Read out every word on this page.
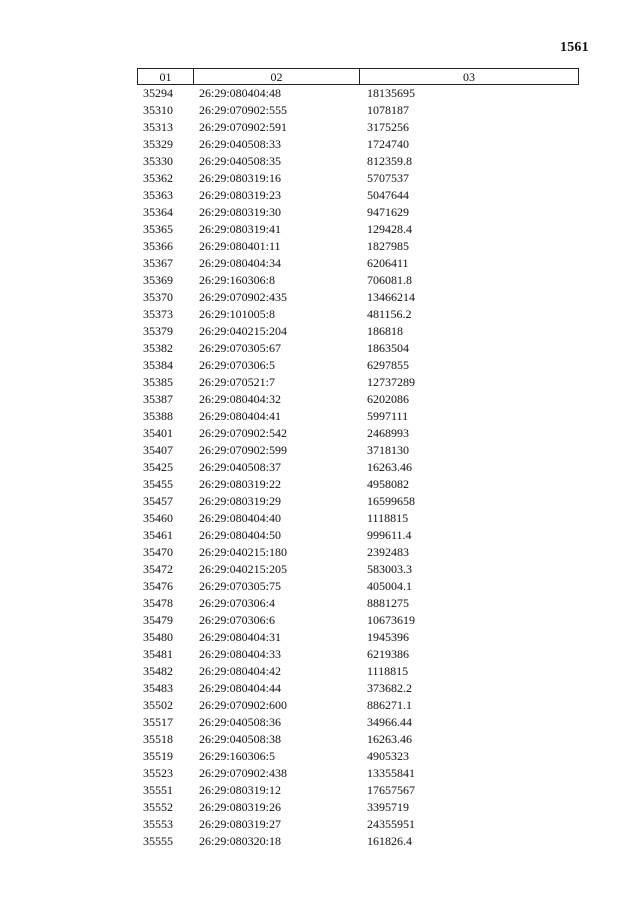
1561
01	02	03
35294	26:29:080404:48	18135695
35310	26:29:070902:555	1078187
35313	26:29:070902:591	3175256
35329	26:29:040508:33	1724740
35330	26:29:040508:35	812359.8
35362	26:29:080319:16	5707537
35363	26:29:080319:23	5047644
35364	26:29:080319:30	9471629
35365	26:29:080319:41	129428.4
35366	26:29:080401:11	1827985
35367	26:29:080404:34	6206411
35369	26:29:160306:8	706081.8
35370	26:29:070902:435	13466214
35373	26:29:101005:8	481156.2
35379	26:29:040215:204	186818
35382	26:29:070305:67	1863504
35384	26:29:070306:5	6297855
35385	26:29:070521:7	12737289
35387	26:29:080404:32	6202086
35388	26:29:080404:41	5997111
35401	26:29:070902:542	2468993
35407	26:29:070902:599	3718130
35425	26:29:040508:37	16263.46
35455	26:29:080319:22	4958082
35457	26:29:080319:29	16599658
35460	26:29:080404:40	1118815
35461	26:29:080404:50	999611.4
35470	26:29:040215:180	2392483
35472	26:29:040215:205	583003.3
35476	26:29:070305:75	405004.1
35478	26:29:070306:4	8881275
35479	26:29:070306:6	10673619
35480	26:29:080404:31	1945396
35481	26:29:080404:33	6219386
35482	26:29:080404:42	1118815
35483	26:29:080404:44	373682.2
35502	26:29:070902:600	886271.1
35517	26:29:040508:36	34966.44
35518	26:29:040508:38	16263.46
35519	26:29:160306:5	4905323
35523	26:29:070902:438	13355841
35551	26:29:080319:12	17657567
35552	26:29:080319:26	3395719
35553	26:29:080319:27	24355951
35555	26:29:080320:18	161826.4
